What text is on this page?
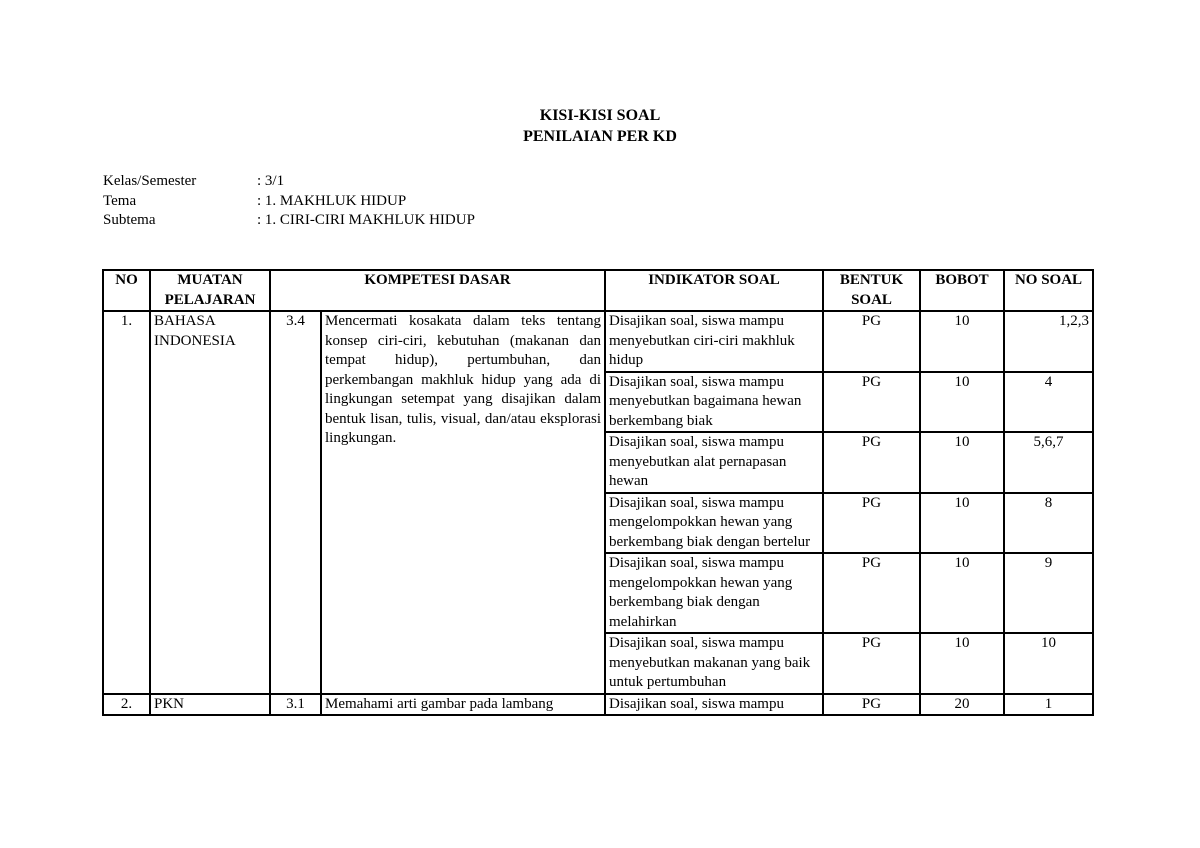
KISI-KISI SOAL
PENILAIAN PER KD
Kelas/Semester	: 3/1
Tema	: 1. MAKHLUK HIDUP
Subtema	: 1. CIRI-CIRI MAKHLUK HIDUP
NO	MUATAN PELAJARAN	KOMPETESI DASAR		INDIKATOR SOAL	BENTUK SOAL	BOBOT	NO SOAL
1.	BAHASA INDONESIA	3.4	Mencermati kosakata dalam teks tentang konsep ciri-ciri, kebutuhan (makanan dan tempat hidup), pertumbuhan, dan perkembangan makhluk hidup yang ada di lingkungan setempat yang disajikan dalam bentuk lisan, tulis, visual, dan/atau eksplorasi lingkungan.	Disajikan soal, siswa mampu menyebutkan ciri-ciri makhluk hidup	PG	10	1,2,3
				Disajikan soal, siswa mampu menyebutkan bagaimana hewan berkembang biak	PG	10	4
				Disajikan soal, siswa mampu menyebutkan alat pernapasan hewan	PG	10	5,6,7
				Disajikan soal, siswa mampu mengelompokkan hewan yang berkembang biak dengan bertelur	PG	10	8
				Disajikan soal, siswa mampu mengelompokkan hewan yang berkembang biak dengan melahirkan	PG	10	9
				Disajikan soal, siswa mampu menyebutkan makanan yang baik untuk pertumbuhan	PG	10	10
2.	PKN	3.1	Memahami arti gambar pada lambang	Disajikan soal, siswa mampu	PG	20	1
